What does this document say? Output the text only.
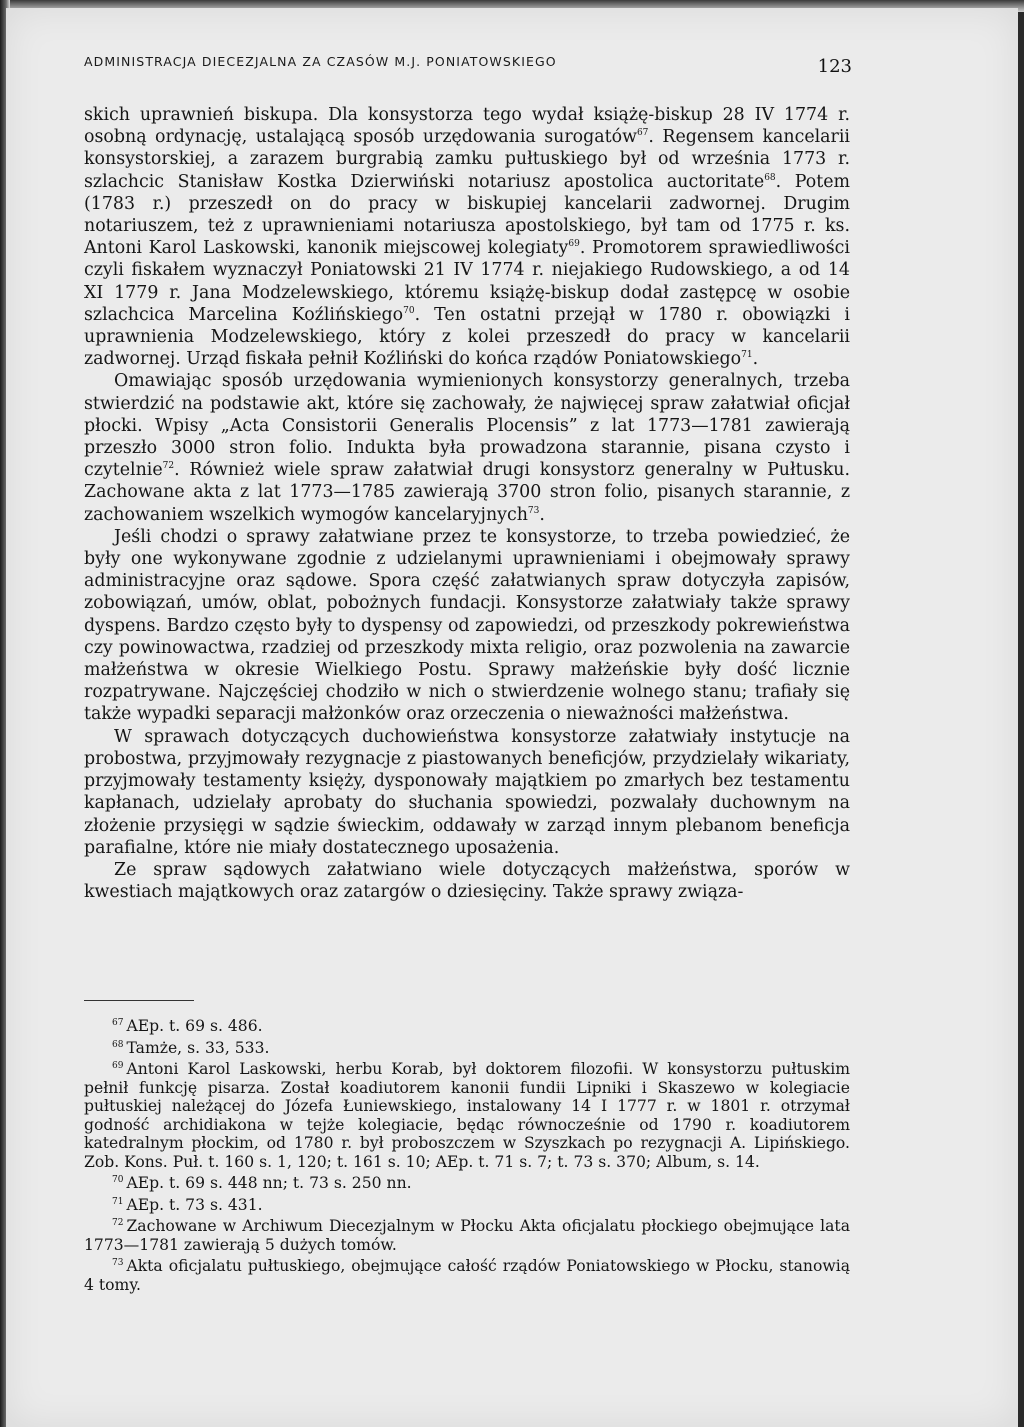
ADMINISTRACJA DIECEZJALNA ZA CZASÓW M.J. PONIATOWSKIEGO	123

skich uprawnień biskupa. Dla konsystorza tego wydał książę-biskup 28 IV 1774 r. osobną ordynację, ustalającą sposób urzędowania surogatów$^{67}$. Regensem kancelarii konsystorskiej, a zarazem burgrabią zamku pułtuskiego był od września 1773 r. szlachcic Stanisław Kostka Dzierwiński notariusz apostolica auctoritate$^{68}$. Potem (1783 r.) przeszedł on do pracy w biskupiej kancelarii zadwornej. Drugim notariuszem, też z uprawnieniami notariusza apostolskiego, był tam od 1775 r. ks. Antoni Karol Laskowski, kanonik miejscowej kolegiaty$^{69}$. Promotorem sprawiedliwości czyli fiskałem wyznaczył Poniatowski 21 IV 1774 r. niejakiego Rudowskiego, a od 14 XI 1779 r. Jana Modzelewskiego, któremu książę-biskup dodał zastępcę w osobie szlachcica Marcelina Koźlińskiego$^{70}$. Ten ostatni przejął w 1780 r. obowiązki i uprawnienia Modzelewskiego, który z kolei przeszedł do pracy w kancelarii zadwornej. Urząd fiskała pełnił Koźliński do końca rządów Poniatowskiego$^{71}$.

Omawiając sposób urzędowania wymienionych konsystorzy generalnych, trzeba stwierdzić na podstawie akt, które się zachowały, że najwięcej spraw załatwiał oficjał płocki. Wpisy „Acta Consistorii Generalis Plocensis” z lat 1773—1781 zawierają przeszło 3000 stron folio. Indukta była prowadzona starannie, pisana czysto i czytelnie$^{72}$. Również wiele spraw załatwiał drugi konsystorz generalny w Pułtusku. Zachowane akta z lat 1773—1785 zawierają 3700 stron folio, pisanych starannie, z zachowaniem wszelkich wymogów kancelaryjnych$^{73}$.

Jeśli chodzi o sprawy załatwiane przez te konsystorze, to trzeba powiedzieć, że były one wykonywane zgodnie z udzielanymi uprawnieniami i obejmowały sprawy administracyjne oraz sądowe. Spora część załatwianych spraw dotyczyła zapisów, zobowiązań, umów, oblat, pobożnych fundacji. Konsystorze załatwiały także sprawy dyspens. Bardzo często były to dyspensy od zapowiedzi, od przeszkody pokrewieństwa czy powinowactwa, rzadziej od przeszkody mixta religio, oraz pozwolenia na zawarcie małżeństwa w okresie Wielkiego Postu. Sprawy małżeńskie były dość licznie rozpatrywane. Najczęściej chodziło w nich o stwierdzenie wolnego stanu; trafiały się także wypadki separacji małżonków oraz orzeczenia o nieważności małżeństwa.

W sprawach dotyczących duchowieństwa konsystorze załatwiały instytucje na probostwa, przyjmowały rezygnacje z piastowanych beneficjów, przydzielały wikariaty, przyjmowały testamenty księży, dysponowały majątkiem po zmarłych bez testamentu kapłanach, udzielały aprobaty do słuchania spowiedzi, pozwalały duchownym na złożenie przysięgi w sądzie świeckim, oddawały w zarząd innym plebanom beneficja parafialne, które nie miały dostatecznego uposażenia.

Ze spraw sądowych załatwiano wiele dotyczących małżeństwa, sporów w kwestiach majątkowych oraz zatargów o dziesięciny. Także sprawy związa-

$^{67}$ AEp. t. 69 s. 486.

$^{68}$ Tamże, s. 33, 533.

$^{69}$ Antoni Karol Laskowski, herbu Korab, był doktorem filozofii. W konsystorzu pułtuskim pełnił funkcję pisarza. Został koadiutorem kanonii fundii Lipniki i Skaszewo w kolegiacie pułtuskiej należącej do Józefa Łuniewskiego, instalowany 14 I 1777 r. w 1801 r. otrzymał godność archidiakona w tejże kolegiacie, będąc równocześnie od 1790 r. koadiutorem katedralnym płockim, od 1780 r. był proboszczem w Szyszkach po rezygnacji A. Lipińskiego. Zob. Kons. Puł. t. 160 s. 1, 120; t. 161 s. 10; AEp. t. 71 s. 7; t. 73 s. 370; Album, s. 14.

$^{70}$ AEp. t. 69 s. 448 nn; t. 73 s. 250 nn.

$^{71}$ AEp. t. 73 s. 431.

$^{72}$ Zachowane w Archiwum Diecezjalnym w Płocku Akta oficjalatu płockiego obejmujące lata 1773—1781 zawierają 5 dużych tomów.

$^{73}$ Akta oficjalatu pułtuskiego, obejmujące całość rządów Poniatowskiego w Płocku, stanowią 4 tomy.
